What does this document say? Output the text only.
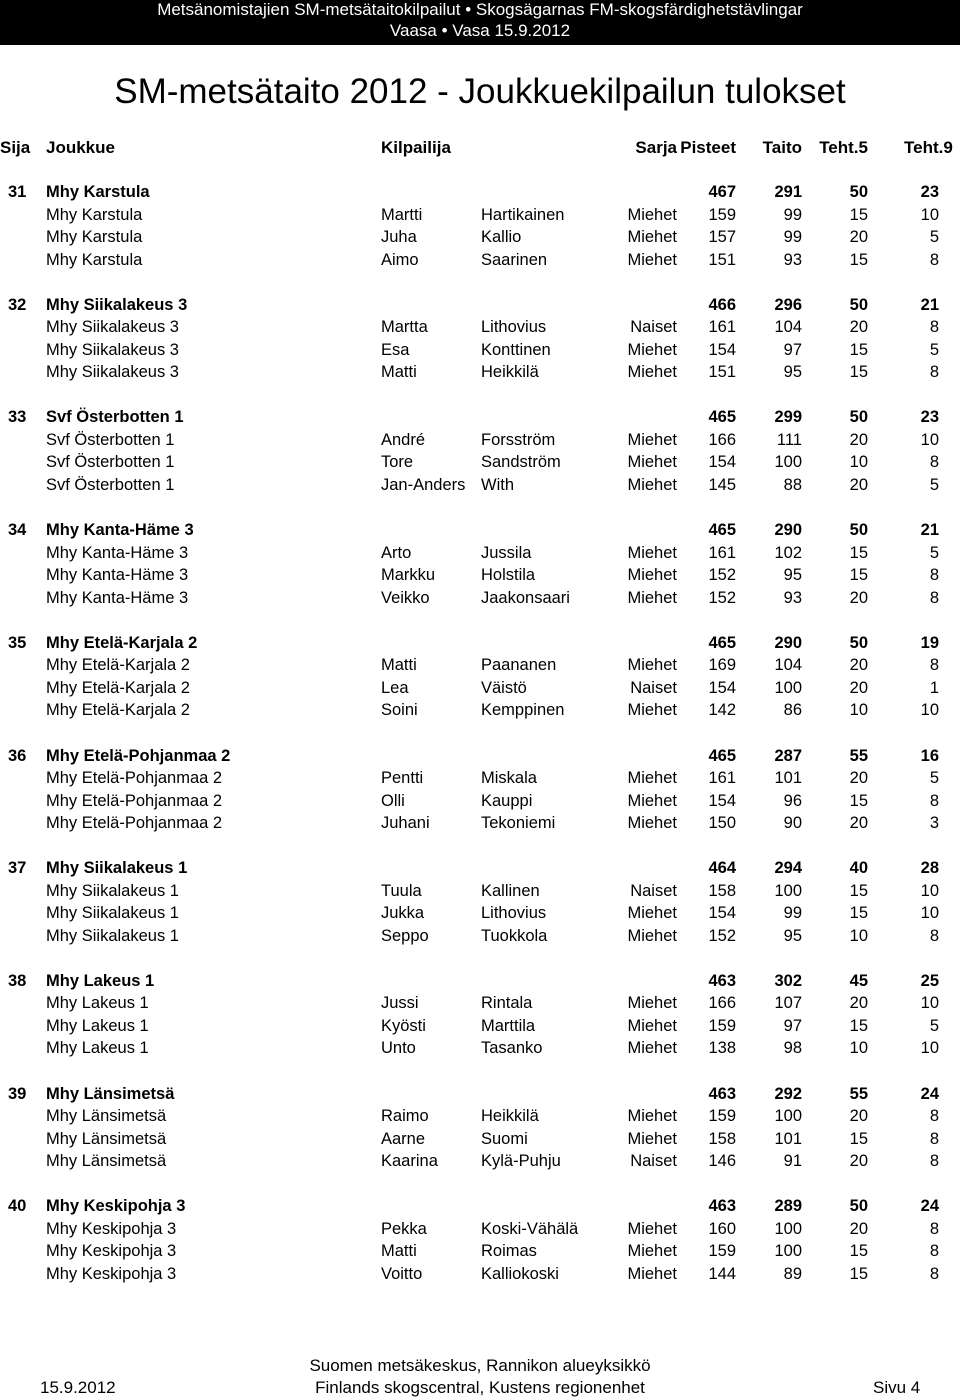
Metsänomistajien SM-metsätaitokilpailut • Skogsägarnas FM-skogsfärdighetstävlingar
Vaasa • Vasa 15.9.2012
SM-metsätaito 2012 - Joukkuekilpailun tulokset
Sija Joukkue	Kilpailija	Sarja Pisteet Taito Teht.5 Teht.9
31 Mhy Karstula	467 291	50	23
Mhy Karstula	Martti	Hartikainen	Miehet 159	99	15	10
Mhy Karstula	Juha	Kallio	Miehet 157	99	20	5
Mhy Karstula	Aimo	Saarinen	Miehet 151	93	15	8
32 Mhy Siikalakeus 3	466 296	50	21
Mhy Siikalakeus 3	Martta	Lithovius	Naiset 161 104	20	8
Mhy Siikalakeus 3	Esa	Konttinen	Miehet 154	97	15	5
Mhy Siikalakeus 3	Matti	Heikkilä	Miehet 151	95	15	8
33 Svf Österbotten 1	465 299	50	23
Svf Österbotten 1	André	Forsström	Miehet 166 111	20	10
Svf Österbotten 1	Tore	Sandström	Miehet 154 100	10	8
Svf Österbotten 1	Jan-Anders With	Miehet 145	88	20	5
34 Mhy Kanta-Häme 3	465 290	50	21
Mhy Kanta-Häme 3	Arto	Jussila	Miehet 161 102	15	5
Mhy Kanta-Häme 3	Markku	Holstila	Miehet 152	95	15	8
Mhy Kanta-Häme 3	Veikko	Jaakonsaari	Miehet 152	93	20	8
35 Mhy Etelä-Karjala 2	465 290	50	19
Mhy Etelä-Karjala 2	Matti	Paananen	Miehet 169 104	20	8
Mhy Etelä-Karjala 2	Lea	Väistö	Naiset 154 100	20	1
Mhy Etelä-Karjala 2	Soini	Kemppinen	Miehet 142	86	10	10
36 Mhy Etelä-Pohjanmaa 2	465 287	55	16
Mhy Etelä-Pohjanmaa 2	Pentti	Miskala	Miehet 161 101	20	5
Mhy Etelä-Pohjanmaa 2	Olli	Kauppi	Miehet 154	96	15	8
Mhy Etelä-Pohjanmaa 2	Juhani	Tekoniemi	Miehet 150	90	20	3
37 Mhy Siikalakeus 1	464 294	40	28
Mhy Siikalakeus 1	Tuula	Kallinen	Naiset 158 100	15	10
Mhy Siikalakeus 1	Jukka	Lithovius	Miehet 154	99	15	10
Mhy Siikalakeus 1	Seppo	Tuokkola	Miehet 152	95	10	8
38 Mhy Lakeus 1	463 302	45	25
Mhy Lakeus 1	Jussi	Rintala	Miehet 166 107	20	10
Mhy Lakeus 1	Kyösti	Marttila	Miehet 159	97	15	5
Mhy Lakeus 1	Unto	Tasanko	Miehet 138	98	10	10
39 Mhy Länsimetsä	463 292	55	24
Mhy Länsimetsä	Raimo	Heikkilä	Miehet 159 100	20	8
Mhy Länsimetsä	Aarne	Suomi	Miehet 158 101	15	8
Mhy Länsimetsä	Kaarina	Kylä-Puhju	Naiset 146	91	20	8
40 Mhy Keskipohja 3	463 289	50	24
Mhy Keskipohja 3	Pekka	Koski-Vähälä	Miehet 160 100	20	8
Mhy Keskipohja 3	Matti	Roimas	Miehet 159 100	15	8
Mhy Keskipohja 3	Voitto	Kalliokoski	Miehet 144	89	15	8
Suomen metsäkeskus, Rannikon alueyksikkö
Finlands skogscentral, Kustens regionenhet
15.9.2012	Sivu 4
